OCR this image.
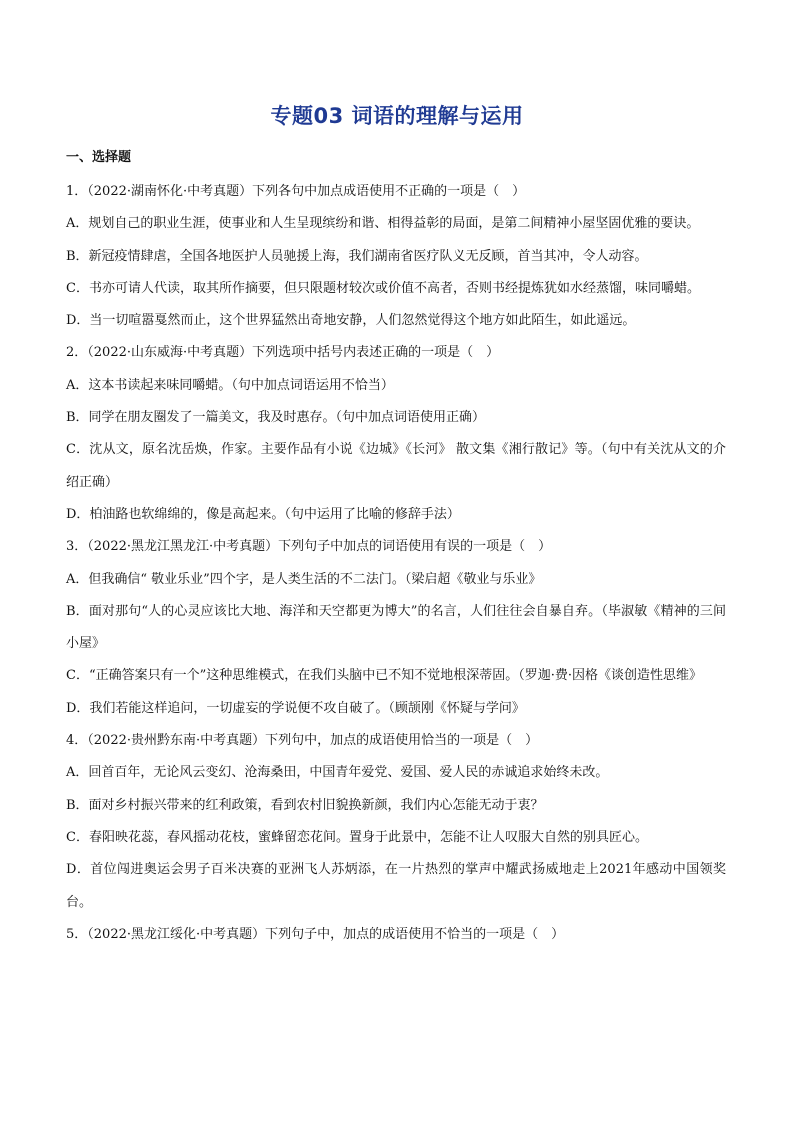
专题03 词语的理解与运用
一、选择题

1．（2022·湖南怀化·中考真题）下列各句中加点成语使用不正确的一项是（　）

A．规划自己的职业生涯，使事业和人生呈现缤纷和谐、相得益彰的局面，是第二间精神小屋坚固优雅的要诀。

B．新冠疫情肆虐，全国各地医护人员驰援上海，我们湖南省医疗队义无反顾，首当其冲，令人动容。

C．书亦可请人代读，取其所作摘要，但只限题材较次或价值不高者，否则书经提炼犹如水经蒸馏，味同嚼蜡。

D．当一切喧嚣戛然而止，这个世界猛然出奇地安静，人们忽然觉得这个地方如此陌生，如此遥远。

2．（2022·山东威海·中考真题）下列选项中括号内表述正确的一项是（　）

A．这本书读起来味同嚼蜡。（句中加点词语运用不恰当）

B．同学在朋友圈发了一篇美文，我及时惠存。（句中加点词语使用正确）

C．沈从文，原名沈岳焕，作家。主要作品有小说《边城》《长河》 散文集《湘行散记》等。（句中有关沈从文的介绍正确）

D．柏油路也软绵绵的，像是高起来。（句中运用了比喻的修辞手法）

3．（2022·黑龙江黑龙江·中考真题）下列句子中加点的词语使用有误的一项是（　）

A．但我确信“ 敬业乐业”四个字，是人类生活的不二法门。（梁启超《敬业与乐业》

B．面对那句“人的心灵应该比大地、海洋和天空都更为博大”的名言，人们往往会自暴自弃。（毕淑敏《精神的三间小屋》

C．“正确答案只有一个”这种思维模式，在我们头脑中已不知不觉地根深蒂固。（罗迦·费·因格《谈创造性思维》

D．我们若能这样追问，一切虚妄的学说便不攻自破了。（顾颉刚《怀疑与学问》

4．（2022·贵州黔东南·中考真题）下列句中，加点的成语使用恰当的一项是（　）

A．回首百年，无论风云变幻、沧海桑田，中国青年爱党、爱国、爱人民的赤诚追求始终未改。

B．面对乡村振兴带来的红利政策，看到农村旧貌换新颜，我们内心怎能无动于衷？

C．春阳映花蕊，春风摇动花枝，蜜蜂留恋花间。置身于此景中，怎能不让人叹服大自然的别具匠心。

D．首位闯进奥运会男子百米决赛的亚洲飞人苏炳添，在一片热烈的掌声中耀武扬威地走上2021年感动中国领奖台。

5．（2022·黑龙江绥化·中考真题）下列句子中，加点的成语使用不恰当的一项是（　）
